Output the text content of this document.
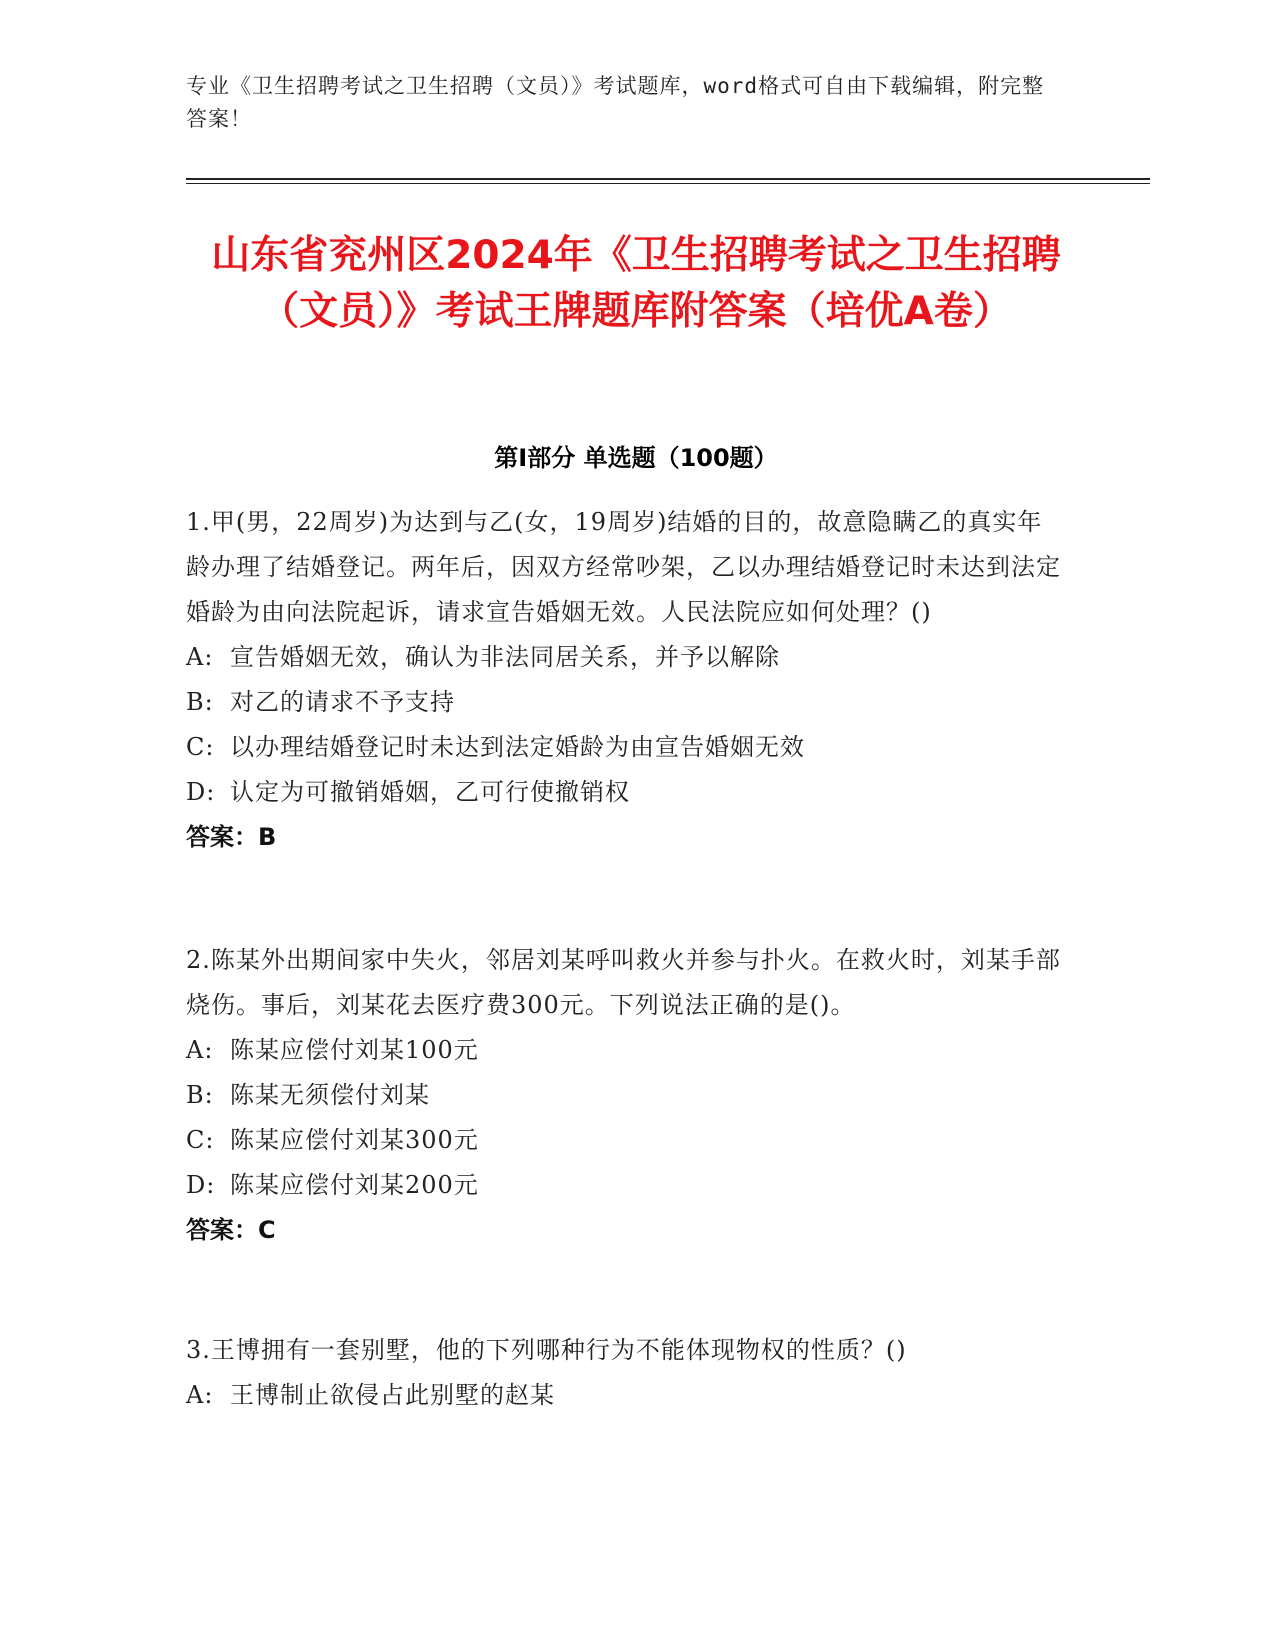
专业《卫生招聘考试之卫生招聘（文员）》考试题库，word格式可自由下载编辑，附完整答案！
山东省兖州区2024年《卫生招聘考试之卫生招聘（文员）》考试王牌题库附答案（培优A卷）
第Ⅰ部分 单选题（100题）
1.甲(男，22周岁)为达到与乙(女，19周岁)结婚的目的，故意隐瞒乙的真实年龄办理了结婚登记。两年后，因双方经常吵架，乙以办理结婚登记时未达到法定婚龄为由向法院起诉，请求宣告婚姻无效。人民法院应如何处理？()
A: 宣告婚姻无效，确认为非法同居关系，并予以解除
B: 对乙的请求不予支持
C: 以办理结婚登记时未达到法定婚龄为由宣告婚姻无效
D: 认定为可撤销婚姻，乙可行使撤销权
答案：B
2.陈某外出期间家中失火，邻居刘某呼叫救火并参与扑火。在救火时，刘某手部烧伤。事后，刘某花去医疗费300元。下列说法正确的是()。
A: 陈某应偿付刘某100元
B: 陈某无须偿付刘某
C: 陈某应偿付刘某300元
D: 陈某应偿付刘某200元
答案：C
3.王博拥有一套别墅，他的下列哪种行为不能体现物权的性质？()
A: 王博制止欲侵占此别墅的赵某
